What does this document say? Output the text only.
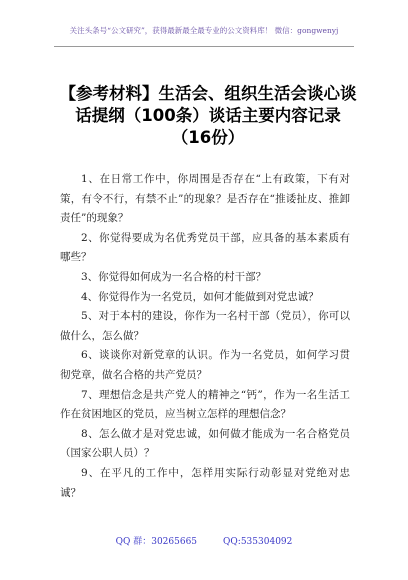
关注头条号“公文研究”，获得最新最全最专业的公文资料库！ 微信：gongwenyj
【参考材料】生活会、组织生活会谈心谈话提纲（100条）谈话主要内容记录（16份）
1、在日常工作中，你周围是否存在“上有政策，下有对策，有令不行，有禁不止”的现象？是否存在“推诿扯皮、推卸责任”的现象？
2、你觉得要成为名优秀党员干部，应具备的基本素质有哪些？
3、你觉得如何成为一名合格的村干部？
4、你觉得作为一名党员，如何才能做到对党忠诚？
5、对于本村的建设，你作为一名村干部（党员），你可以做什么，怎么做？
6、谈谈你对新党章的认识。作为一名党员，如何学习贯彻党章，做名合格的共产党员？
7、理想信念是共产党人的精神之“钙”，作为一名生活工作在贫困地区的党员，应当树立怎样的理想信念？
8、怎么做才是对党忠诚，如何做才能成为一名合格党员（国家公职人员）？
9、在平凡的工作中，怎样用实际行动彰显对党绝对忠诚？
QQ 群：30265665	QQ:535304092
